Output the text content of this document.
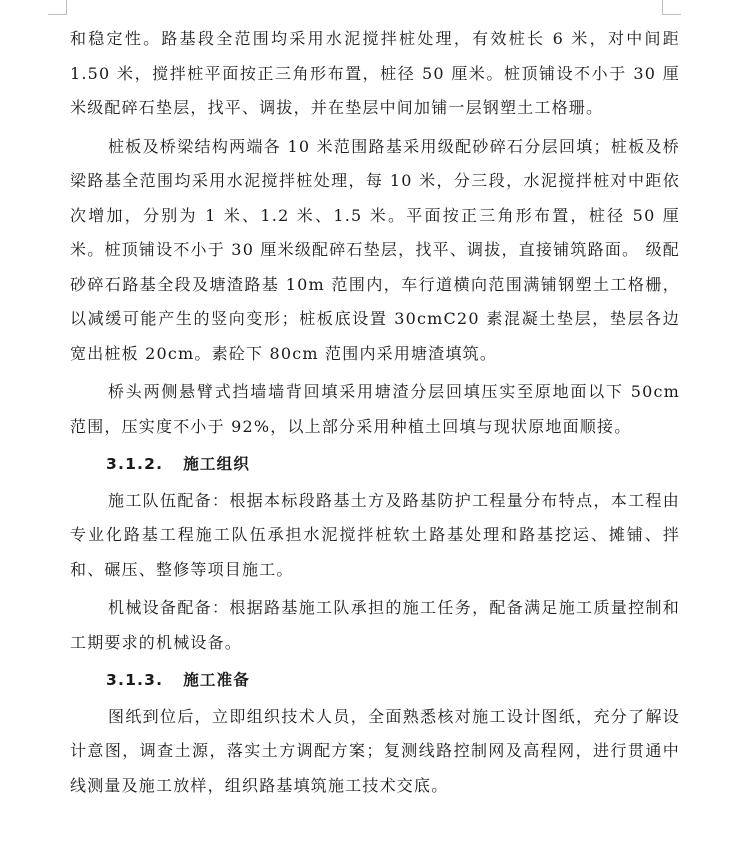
和稳定性。路基段全范围均采用水泥搅拌桩处理，有效桩长 6 米，对中间距 1.50 米，搅拌桩平面按正三角形布置，桩径 50 厘米。桩顶铺设不小于 30 厘米级配碎石垫层，找平、调拔，并在垫层中间加铺一层钢塑土工格珊。

桩板及桥梁结构两端各 10 米范围路基采用级配砂碎石分层回填；桩板及桥梁路基全范围均采用水泥搅拌桩处理，每 10 米，分三段，水泥搅拌桩对中距依次增加，分别为 1 米、1.2 米、1.5 米。平面按正三角形布置，桩径 50 厘米。桩顶铺设不小于 30 厘米级配碎石垫层，找平、调拔，直接铺筑路面。 级配砂碎石路基全段及塘渣路基 10m 范围内，车行道横向范围满铺钢塑土工格栅，以减缓可能产生的竖向变形；桩板底设置 30cmC20 素混凝土垫层，垫层各边宽出桩板 20cm。素砼下 80cm 范围内采用塘渣填筑。

桥头两侧悬臂式挡墙墙背回填采用塘渣分层回填压实至原地面以下 50cm 范围，压实度不小于 92%，以上部分采用种植土回填与现状原地面顺接。

3.1.2. 施工组织

施工队伍配备：根据本标段路基土方及路基防护工程量分布特点，本工程由专业化路基工程施工队伍承担水泥搅拌桩软土路基处理和路基挖运、摊铺、拌和、碾压、整修等项目施工。

机械设备配备：根据路基施工队承担的施工任务，配备满足施工质量控制和工期要求的机械设备。

3.1.3. 施工准备

图纸到位后，立即组织技术人员，全面熟悉核对施工设计图纸，充分了解设计意图，调查土源，落实土方调配方案；复测线路控制网及高程网，进行贯通中线测量及施工放样，组织路基填筑施工技术交底。
